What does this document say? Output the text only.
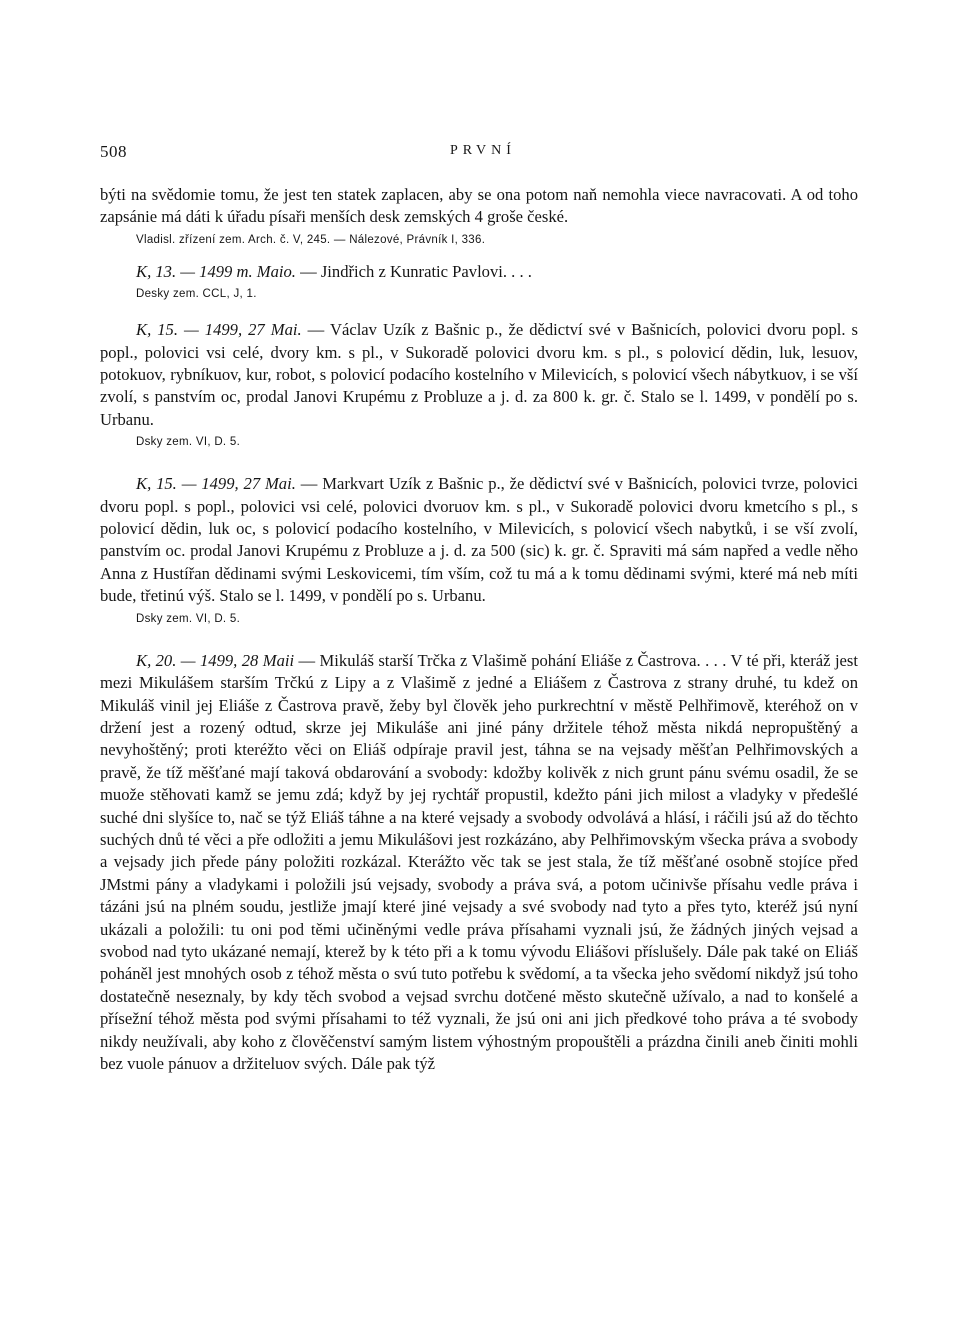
508	PRVNÍ

býti na svědomie tomu, že jest ten statek zaplacen, aby se ona potom naň nemohla viece navracovati. A od toho zapsánie má dáti k úřadu písaři menších desk zemských 4 groše české.

Vladisl. zřízení zem. Arch. č. V, 245. — Nálezové, Právník I, 336.

K, 13. — 1499 m. Maio. — Jindřich z Kunratic Pavlovi. . . .

Desky zem. CCL, J, 1.

K, 15. — 1499, 27 Mai. — Václav Uzík z Bašnic p., že dědictví své v Bašnicích, polovici dvoru popl. s popl., polovici vsi celé, dvory km. s pl., v Sukoradě polovici dvoru km. s pl., s polovicí dědin, luk, lesuov, potokuov, rybníkuov, kur, robot, s polovicí podacího kostelního v Milevicích, s polovicí všech nábytkuov, i se vší zvolí, s panstvím oc, prodal Janovi Krupému z Probluze a j. d. za 800 k. gr. č. Stalo se l. 1499, v pondělí po s. Urbanu.

Dsky zem. VI, D. 5.

K, 15. — 1499, 27 Mai. — Markvart Uzík z Bašnic p., že dědictví své v Bašnicích, polovici tvrze, polovici dvoru popl. s popl., polovici vsi celé, polovici dvoruov km. s pl., v Sukoradě polovici dvoru kmetcího s pl., s polovicí dědin, luk oc, s polovicí podacího kostelního, v Milevicích, s polovicí všech nabytků, i se vší zvolí, panstvím oc. prodal Janovi Krupému z Probluze a j. d. za 500 (sic) k. gr. č. Spraviti má sám napřed a vedle něho Anna z Hustířan dědinami svými Leskovicemi, tím vším, což tu má a k tomu dědinami svými, které má neb míti bude, třetinú výš. Stalo se l. 1499, v pondělí po s. Urbanu.

Dsky zem. VI, D. 5.

K, 20. — 1499, 28 Maii — Mikuláš starší Trčka z Vlašimě pohání Eliáše z Častrova. . . . V té při, kteráž jest mezi Mikulášem starším Trčkú z Lipy a z Vlašimě z jedné a Eliášem z Častrova z strany druhé, tu kdež on Mikuláš vinil jej Eliáše z Častrova pravě, žeby byl člověk jeho purkrechtní v městě Pelhřimově, kteréhož on v držení jest a rozený odtud, skrze jej Mikuláše ani jiné pány držitele téhož města nikdá nepropuštěný a nevyhoštěný; proti kteréžto věci on Eliáš odpíraje pravil jest, táhna se na vejsady měšťan Pelhřimovských a pravě, že tíž měšťané mají taková obdarování a svobody: kdožby kolivěk z nich grunt pánu svému osadil, že se muože stěhovati kamž se jemu zdá; když by jej rychtář propustil, kdežto páni jich milost a vladyky v předešlé suché dni slyšíce to, nač se týž Eliáš táhne a na které vejsady a svobody odvolává a hlásí, i ráčili jsú až do těchto suchých dnů té věci a pře odložiti a jemu Mikulášovi jest rozkázáno, aby Pelhřimovským všecka práva a svobody a vejsady jich přede pány položiti rozkázal. Kterážto věc tak se jest stala, že tíž měšťané osobně stojíce před JMstmi pány a vladykami i položili jsú vejsady, svobody a práva svá, a potom učinivše přísahu vedle práva i tázáni jsú na plném soudu, jestliže jmají které jiné vejsady a své svobody nad tyto a přes tyto, kteréž jsú nyní ukázali a položili: tu oni pod těmi učiněnými vedle práva přísahami vyznali jsú, že žádných jiných vejsad a svobod nad tyto ukázané nemají, kterež by k této při a k tomu vývodu Eliášovi příslušely. Dále pak také on Eliáš poháněl jest mnohých osob z téhož města o svú tuto potřebu k svědomí, a ta všecka jeho svědomí nikdyž jsú toho dostatečně neseznaly, by kdy těch svobod a vejsad svrchu dotčené město skutečně užívalo, a nad to konšelé a přísežní téhož města pod svými přísahami to též vyznali, že jsú oni ani jich předkové toho práva a té svobody nikdy neužívali, aby koho z člověčenství samým listem výhostným propouštěli a prázdna činili aneb činiti mohli bez vuole pánuov a držiteluov svých. Dále pak týž
